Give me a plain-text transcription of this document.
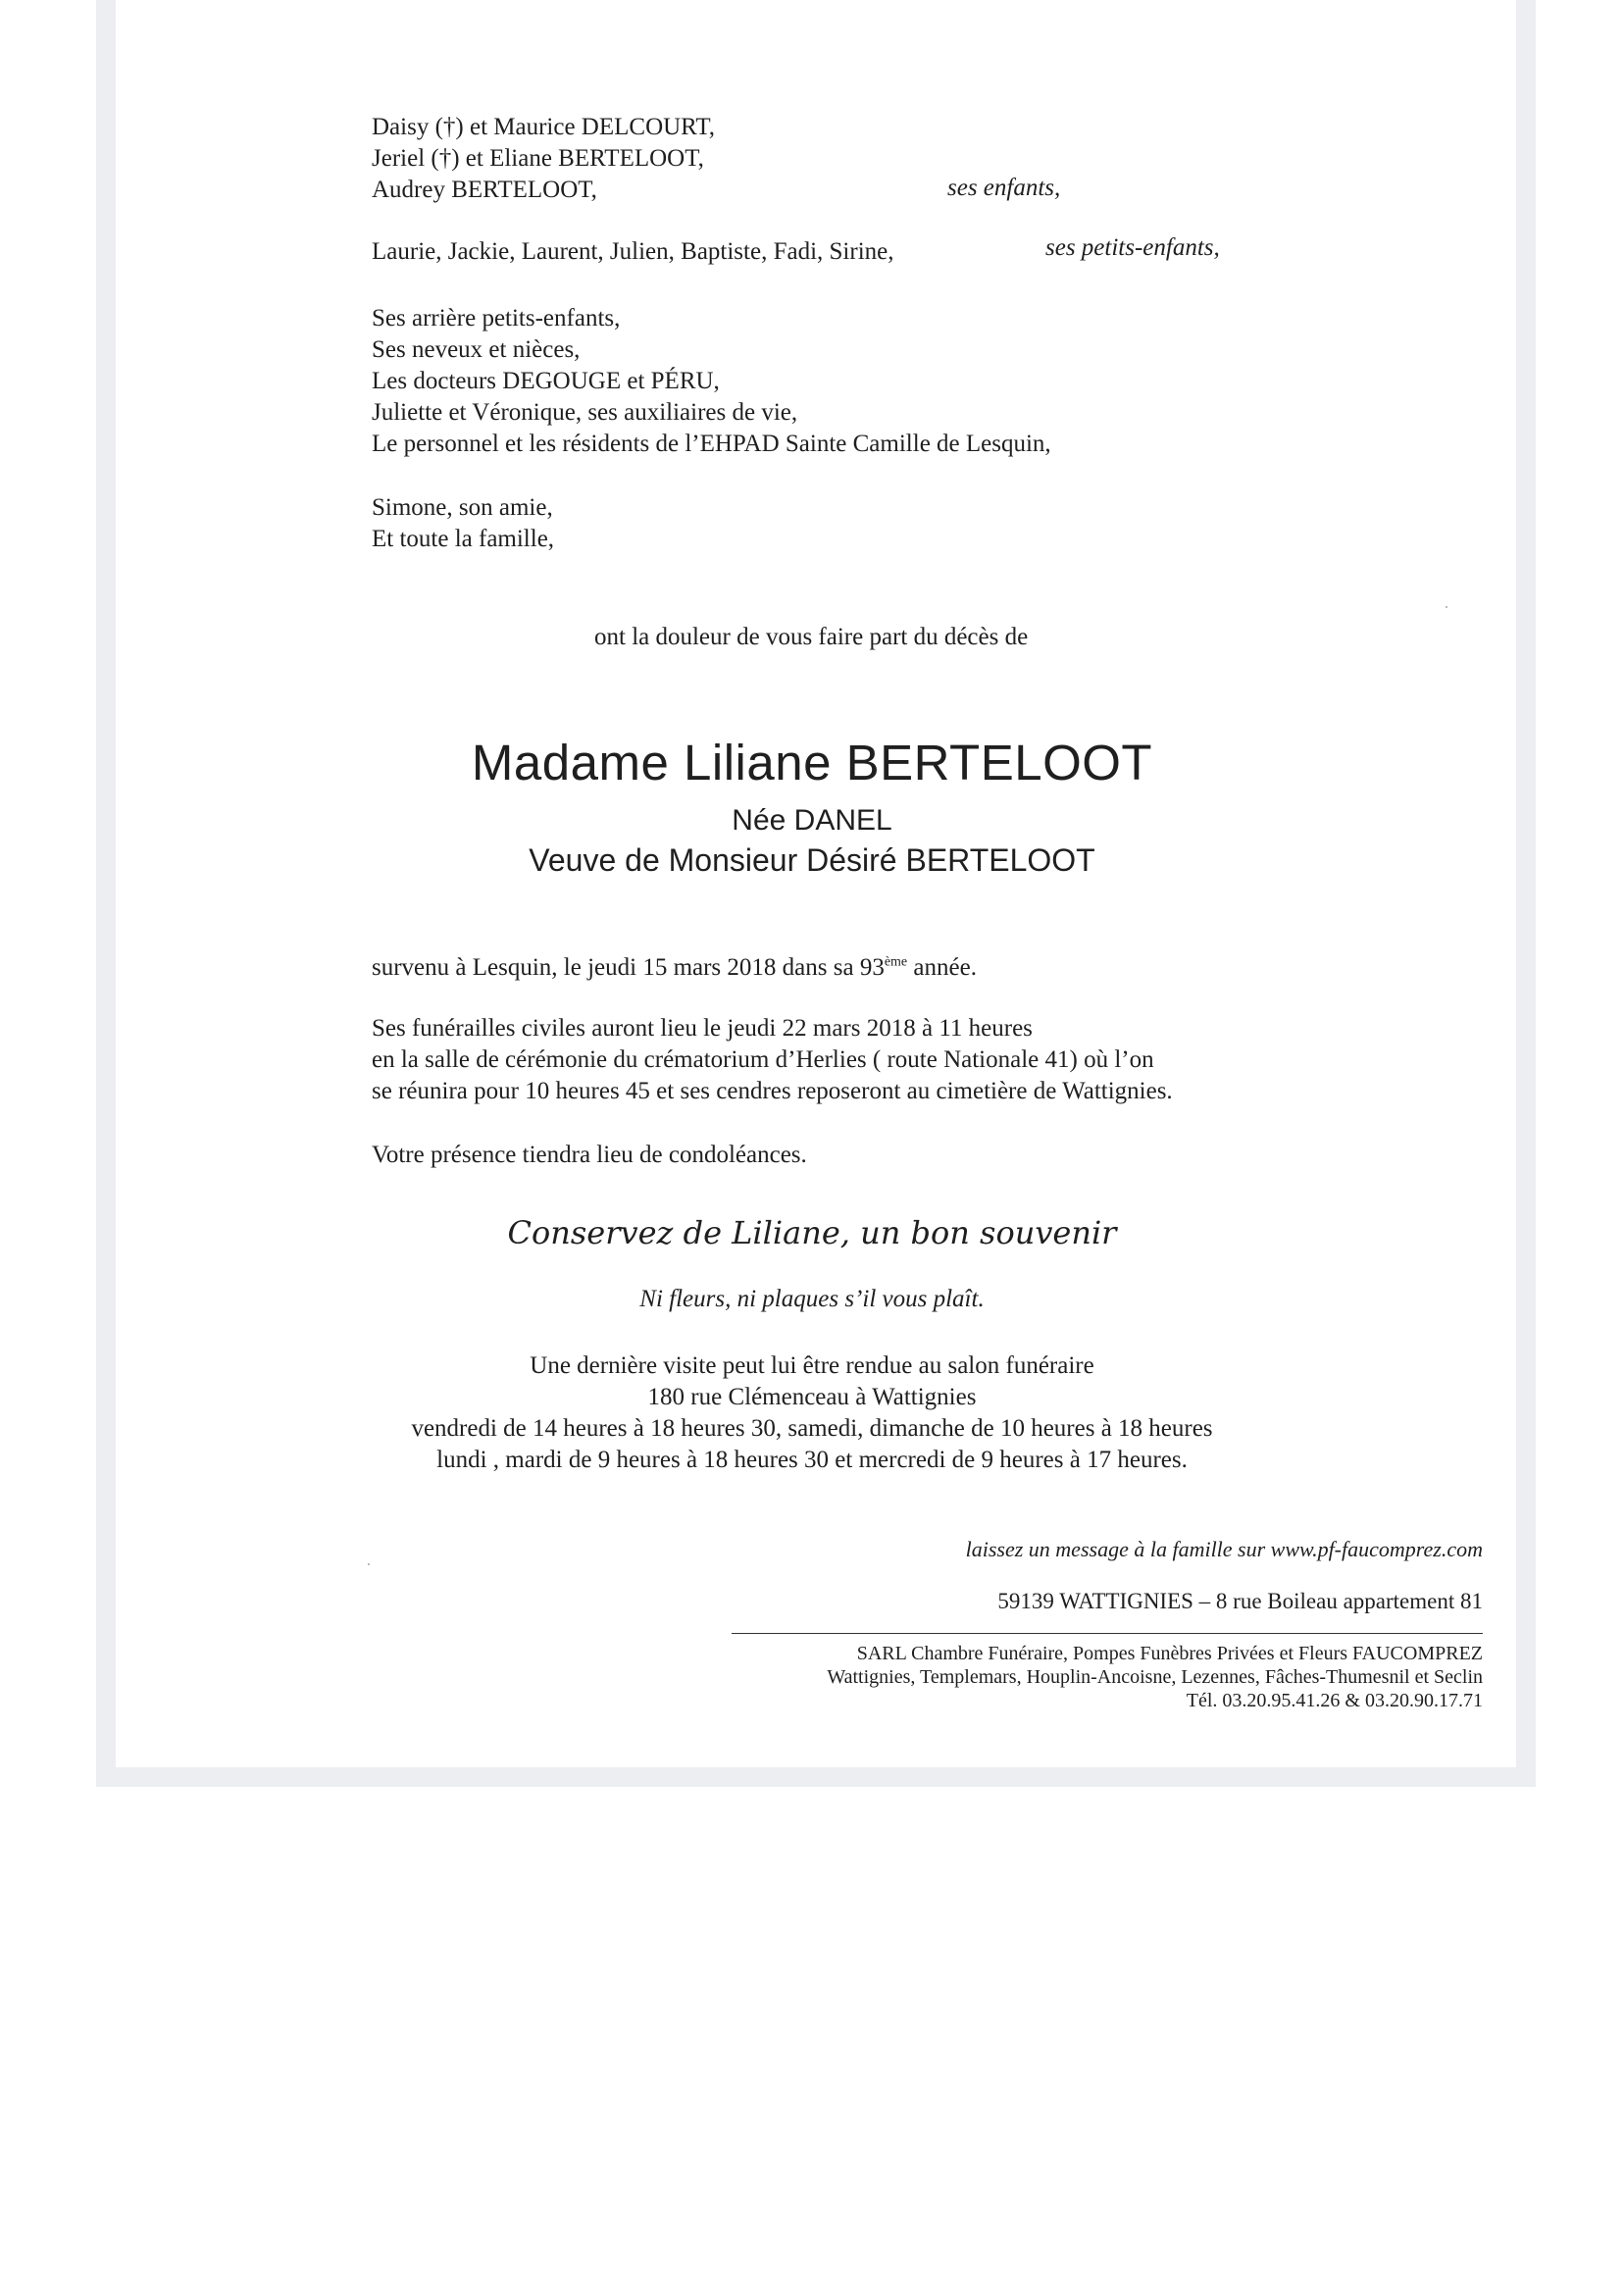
Daisy (†) et Maurice DELCOURT,
Jeriel (†) et Eliane BERTELOOT,
Audrey BERTELOOT,	ses enfants,
Laurie, Jackie, Laurent, Julien, Baptiste, Fadi, Sirine,	ses petits-enfants,
Ses arrière petits-enfants,
Ses neveux et nièces,
Les docteurs DEGOUGE et PÉRU,
Juliette et Véronique, ses auxiliaires de vie,
Le personnel et les résidents de l’EHPAD Sainte Camille de Lesquin,
Simone, son amie,
Et toute la famille,
ont la douleur de vous faire part du décès de
Madame Liliane BERTELOOT
Née DANEL
Veuve de Monsieur Désiré BERTELOOT
survenu à Lesquin, le jeudi 15 mars 2018 dans sa 93ème année.
Ses funérailles civiles auront lieu le jeudi 22 mars 2018 à 11 heures
en la salle de cérémonie du crématorium d’Herlies ( route Nationale 41) où l’on
se réunira pour 10 heures 45 et ses cendres reposeront au cimetière de Wattignies.
Votre présence tiendra lieu de condoléances.
Conservez de Liliane, un bon souvenir
Ni fleurs, ni plaques s’il vous plaît.
Une dernière visite peut lui être rendue au salon funéraire
180 rue Clémenceau à Wattignies
vendredi de 14 heures à 18 heures 30, samedi, dimanche de 10 heures à 18 heures
lundi , mardi de 9 heures à 18 heures 30 et mercredi de 9 heures à 17 heures.
laissez un message à la famille sur www.pf-faucomprez.com
59139 WATTIGNIES – 8 rue Boileau appartement 81
SARL Chambre Funéraire, Pompes Funèbres Privées et Fleurs FAUCOMPREZ
Wattignies, Templemars, Houplin-Ancoisne, Lezennes, Fâches-Thumesnil et Seclin
Tél. 03.20.95.41.26 & 03.20.90.17.71
